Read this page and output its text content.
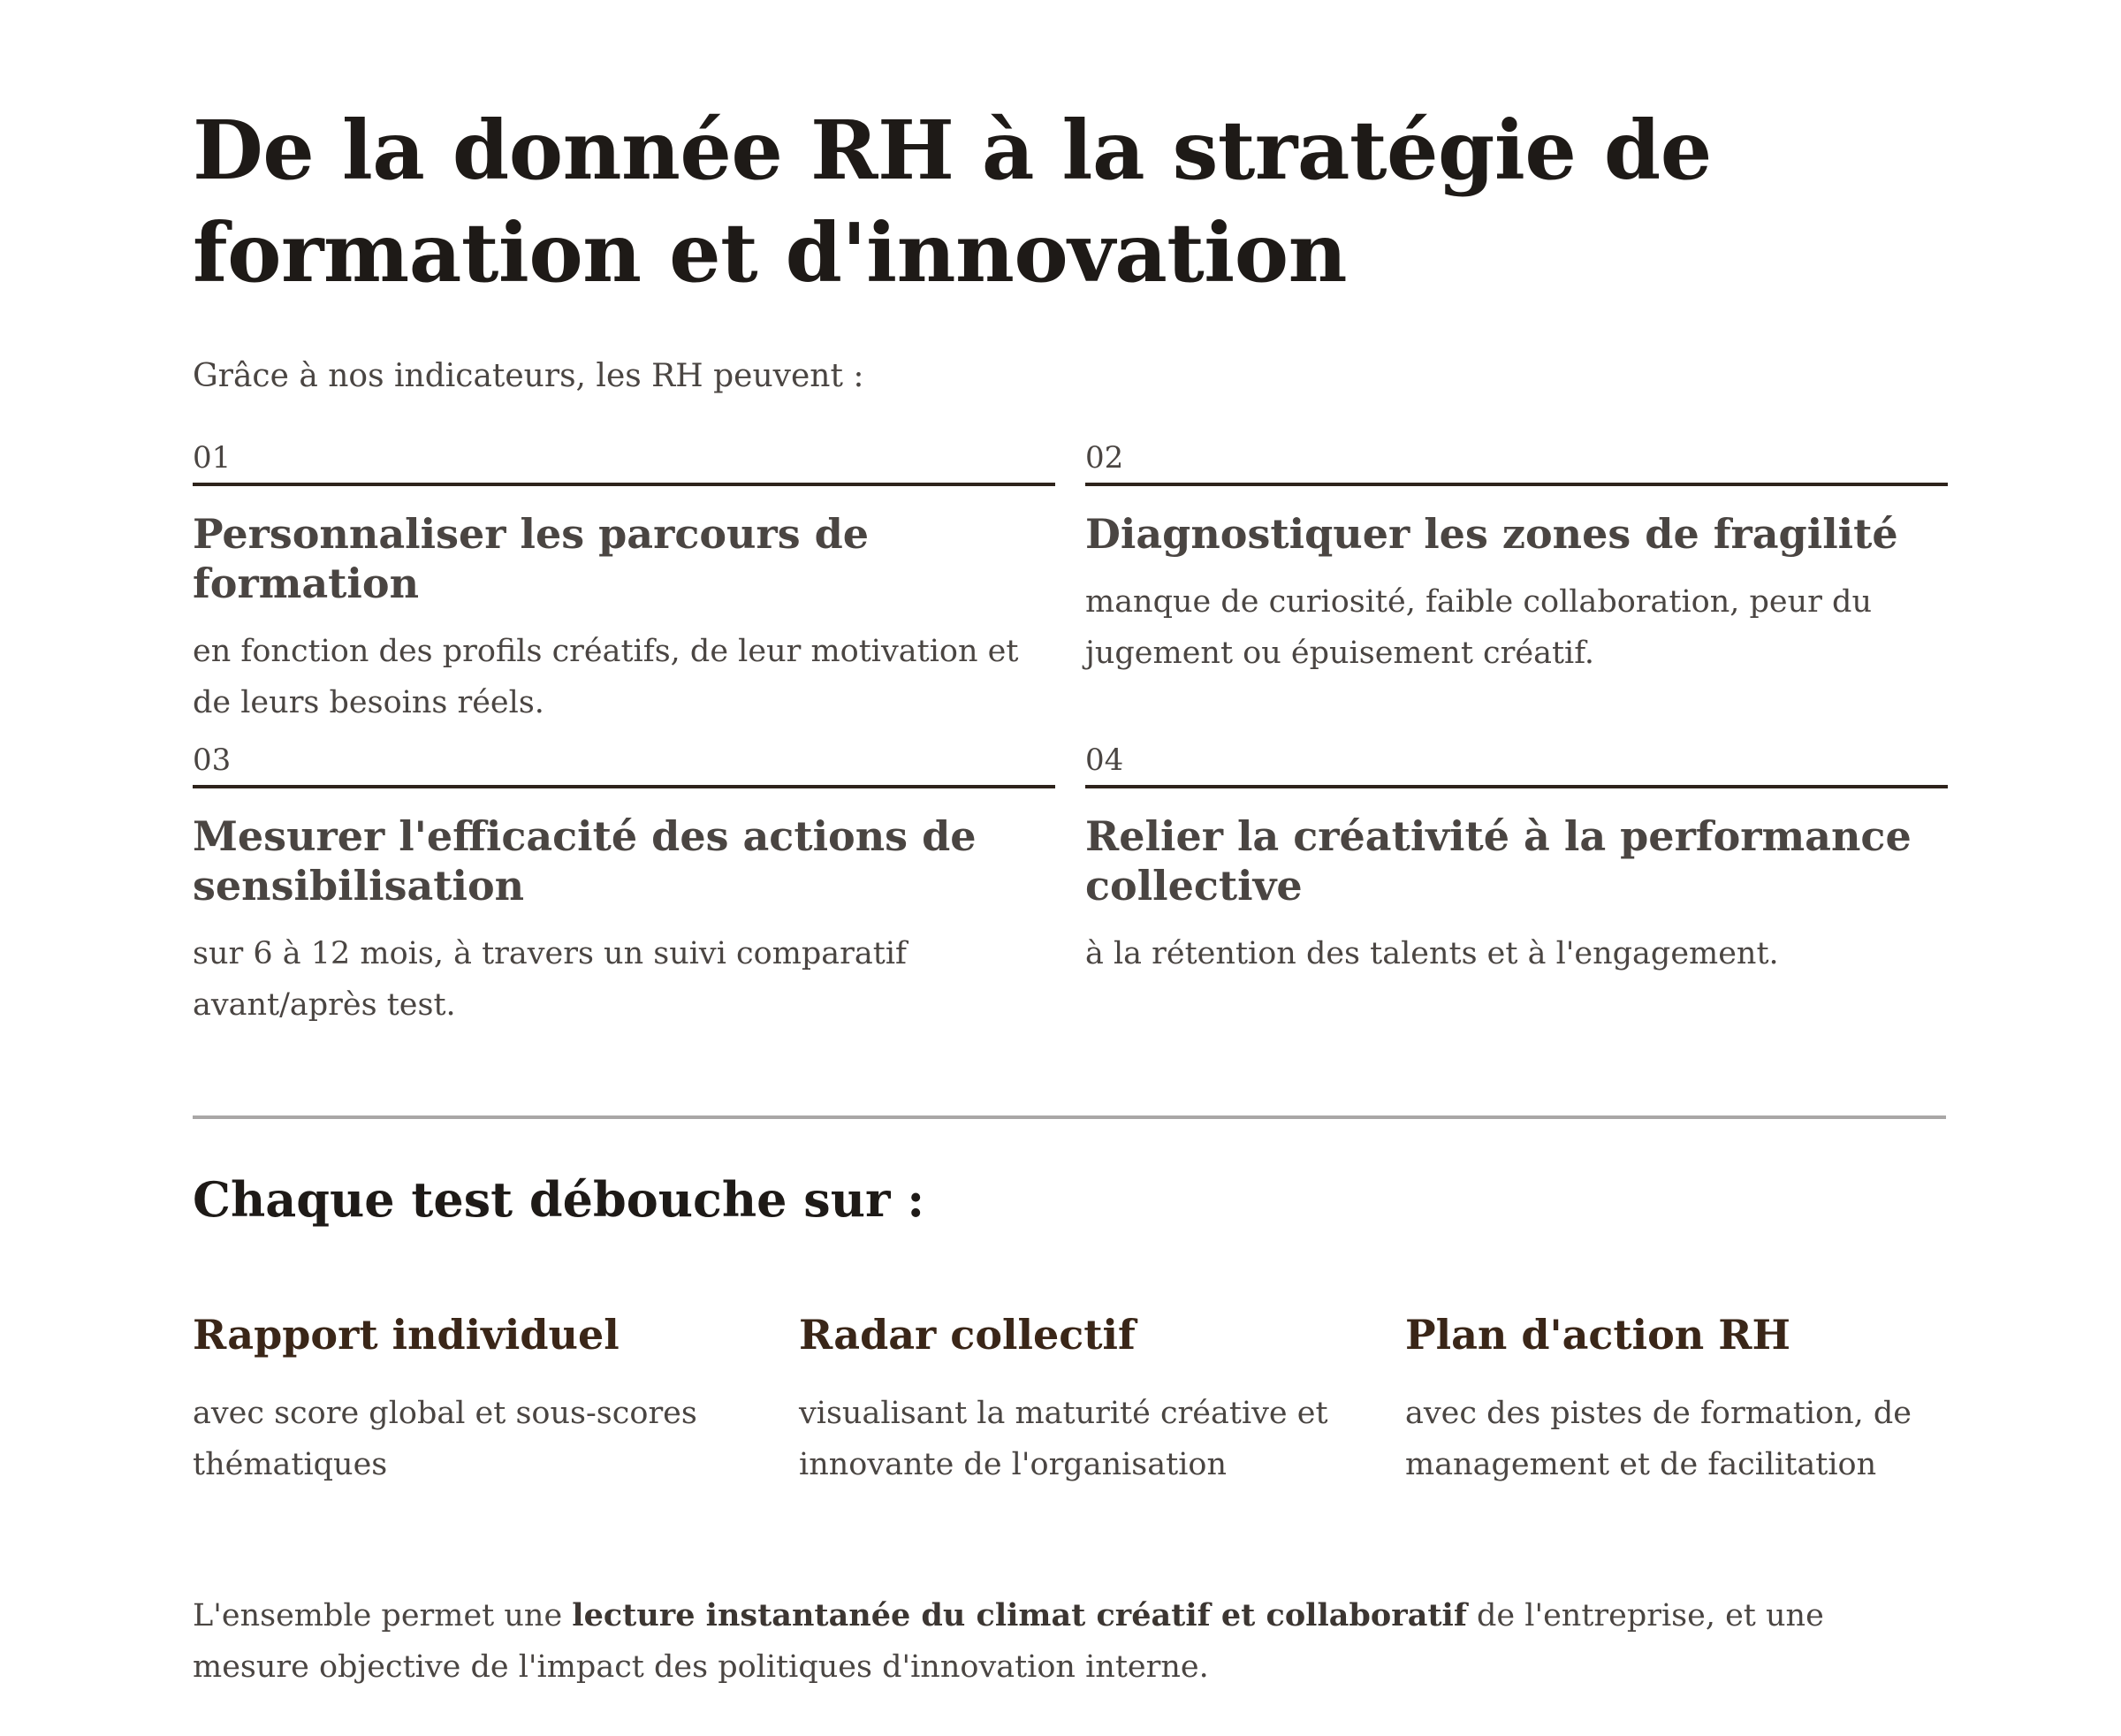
De la donnée RH à la stratégie de formation et d'innovation
Grâce à nos indicateurs, les RH peuvent :
01
Personnaliser les parcours de formation
en fonction des profils créatifs, de leur motivation et de leurs besoins réels.
02
Diagnostiquer les zones de fragilité
manque de curiosité, faible collaboration, peur du jugement ou épuisement créatif.
03
Mesurer l'efficacité des actions de sensibilisation
sur 6 à 12 mois, à travers un suivi comparatif avant/après test.
04
Relier la créativité à la performance collective
à la rétention des talents et à l'engagement.
Chaque test débouche sur :
Rapport individuel
avec score global et sous-scores thématiques
Radar collectif
visualisant la maturité créative et innovante de l'organisation
Plan d'action RH
avec des pistes de formation, de management et de facilitation

L'ensemble permet une lecture instantanée du climat créatif et collaboratif de l'entreprise, et une mesure objective de l'impact des politiques d'innovation interne.
